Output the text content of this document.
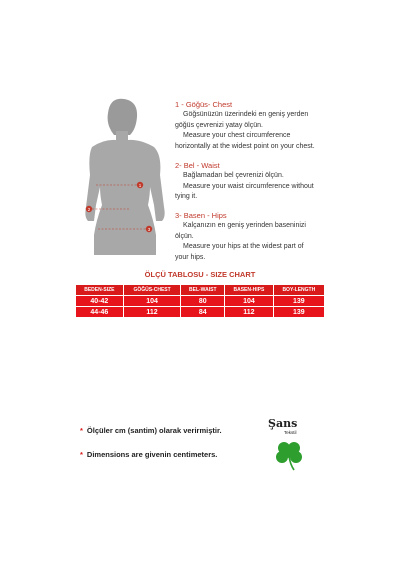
1
2
3
1 - Göğüs- Chest
Göğsünüzün üzerindeki en geniş yerden
göğüs çevrenizi yatay ölçün.
Measure your chest circumference
horizontally at the widest point on your chest.
2- Bel - Waist
Bağlamadan bel çevrenizi ölçün.
Measure your waist circumference without
tying it.
3- Basen - Hips
Kalçanızın en geniş yerinden baseninizi
ölçün.
Measure your hips at the widest part of
your hips.
ÖLÇÜ TABLOSU - SIZE CHART
BEDEN-SIZE	GÖĞÜS-CHEST	BEL-WAIST	BASEN-HIPS	BOY-LENGTH
40-42	104	80	104	139
44-46	112	84	112	139
* Ölçüler cm (santim) olarak verirmiştir.
* Dimensions are givenin centimeters.
Şans
Tekstil
